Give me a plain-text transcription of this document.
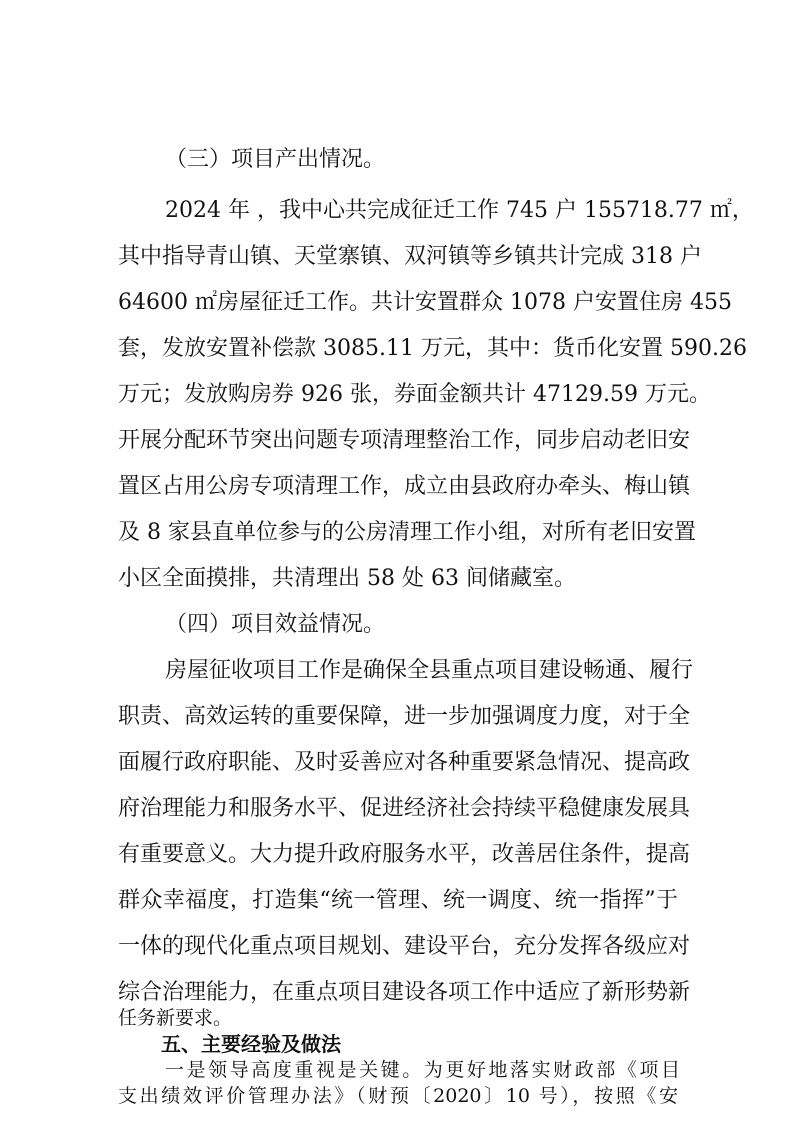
（三）项目产出情况。
2024 年 ，我中心共完成征迁工作 745 户 155718.77 ㎡，
其中指导青山镇、天堂寨镇、双河镇等乡镇共计完成 318 户
64600 ㎡房屋征迁工作。共计安置群众 1078 户安置住房 455
套，发放安置补偿款 3085.11 万元，其中：货币化安置 590.26
万元；发放购房券 926 张，券面金额共计 47129.59 万元。
开展分配环节突出问题专项清理整治工作，同步启动老旧安
置区占用公房专项清理工作，成立由县政府办牵头、梅山镇
及 8 家县直单位参与的公房清理工作小组，对所有老旧安置
小区全面摸排，共清理出 58 处 63 间储藏室。
（四）项目效益情况。
房屋征收项目工作是确保全县重点项目建设畅通、履行
职责、高效运转的重要保障，进一步加强调度力度，对于全
面履行政府职能、及时妥善应对各种重要紧急情况、提高政
府治理能力和服务水平、促进经济社会持续平稳健康发展具
有重要意义。大力提升政府服务水平，改善居住条件，提高
群众幸福度，打造集“统一管理、统一调度、统一指挥”于
一体的现代化重点项目规划、建设平台，充分发挥各级应对
综合治理能力，在重点项目建设各项工作中适应了新形势新
任务新要求。
五、主要经验及做法
一是领导高度重视是关键。为更好地落实财政部《项目
支出绩效评价管理办法》（财预〔2020〕10 号），按照《安
